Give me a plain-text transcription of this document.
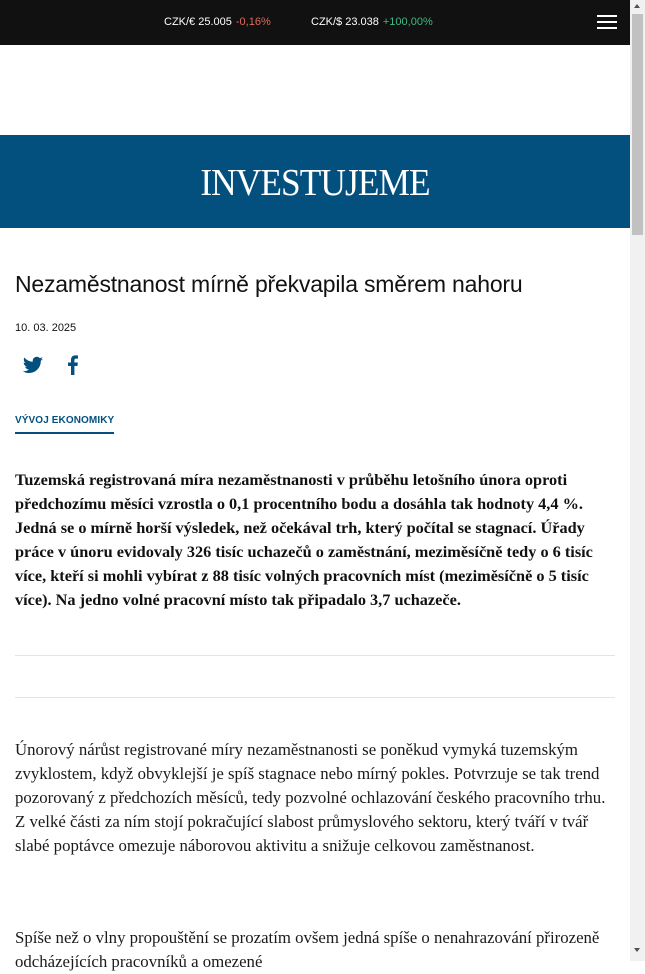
CZK/€ 25.005 -0,16%	CZK/$ 23.038 +100,00%
INVESTUJEME
Nezaměstnanost mírně překvapila směrem nahoru
10. 03. 2025
VÝVOJ EKONOMIKY

Tuzemská registrovaná míra nezaměstnanosti v průběhu letošního února oproti předchozímu měsíci vzrostla o 0,1 procentního bodu a dosáhla tak hodnoty 4,4 %. Jedná se o mírně horší výsledek, než očekával trh, který počítal se stagnací. Úřady práce v únoru evidovaly 326 tisíc uchazečů o zaměstnání, meziměsíčně tedy o 6 tisíc více, kteří si mohli vybírat z 88 tisíc volných pracovních míst (meziměsíčně o 5 tisíc více). Na jedno volné pracovní místo tak připadalo 3,7 uchazeče.

Únorový nárůst registrované míry nezaměstnanosti se poněkud vymyká tuzemským zvyklostem, když obvyklejší je spíš stagnace nebo mírný pokles. Potvrzuje se tak trend pozorovaný z předchozích měsíců, tedy pozvolné ochlazování českého pracovního trhu. Z velké části za ním stojí pokračující slabost průmyslového sektoru, který tváří v tvář slabé poptávce omezuje náborovou aktivitu a snižuje celkovou zaměstnanost.

Spíše než o vlny propouštění se prozatím ovšem jedná spíše o nenahrazování přirozeně odcházejících pracovníků a omezené
